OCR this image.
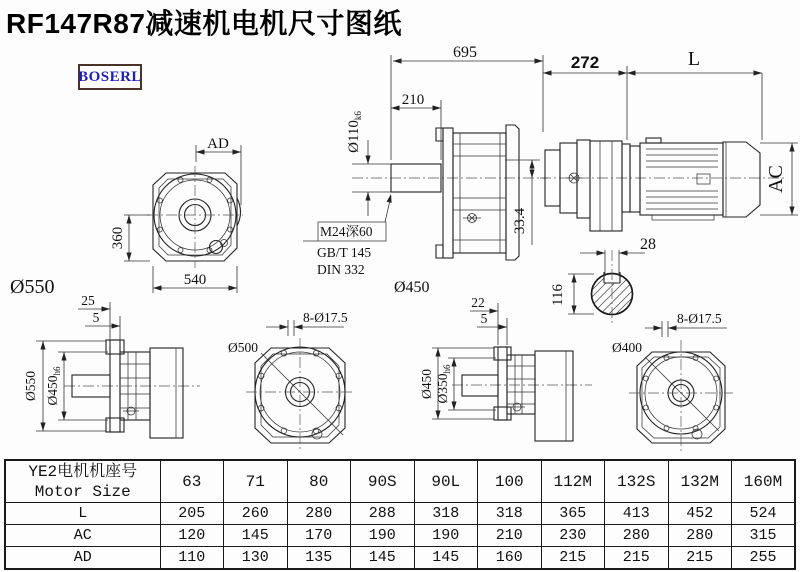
RF147R87减速机电机尺寸图纸
BOSERL
AD
360
540
Ø550
695
210
$Ø110_{k6}$
M24深60
GB/T 145
DIN 332
33.4
Ø450
272	L
AC
28
116
25
5
Ø550 $Ø450_{h6}$
8-Ø17.5
Ø500
22
5
Ø450 $Ø350_{h6}$
8-Ø17.5
Ø400
YE2电机机座号
Motor Size	63	71	80	90S	90L	100	112M	132S	132M	160M
L	205	260	280	288	318	318	365	413	452	524
AC	120	145	170	190	190	210	230	280	280	315
AD	110	130	135	145	145	160	215	215	215	255
